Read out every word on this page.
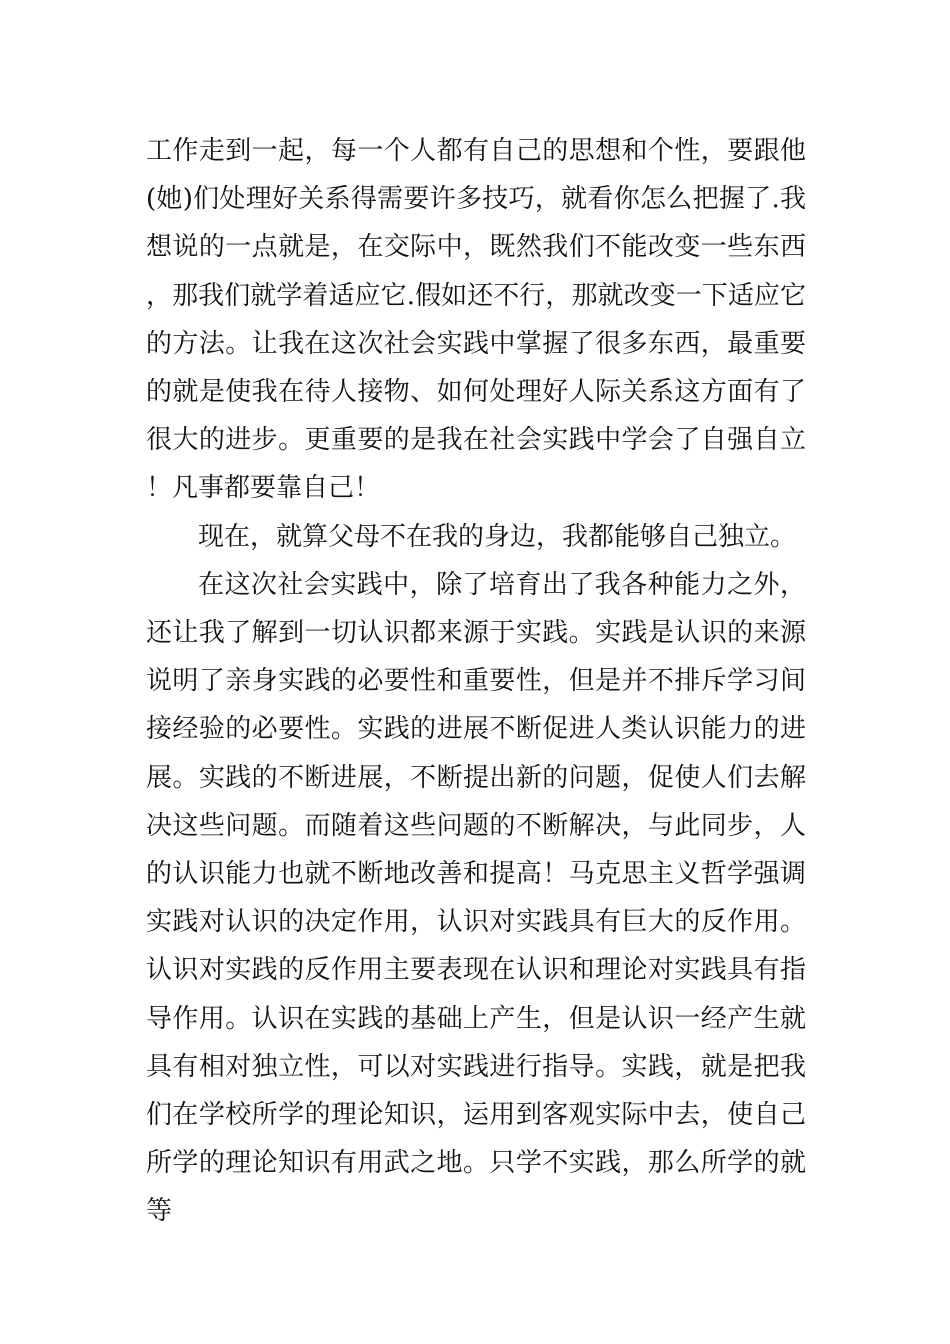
工作走到一起，每一个人都有自己的思想和个性，要跟他(她)们处理好关系得需要许多技巧，就看你怎么把握了.我想说的一点就是，在交际中，既然我们不能改变一些东西，那我们就学着适应它.假如还不行，那就改变一下适应它的方法。让我在这次社会实践中掌握了很多东西，最重要的就是使我在待人接物、如何处理好人际关系这方面有了很大的进步。更重要的是我在社会实践中学会了自强自立！凡事都要靠自己！

现在，就算父母不在我的身边，我都能够自己独立。

在这次社会实践中，除了培育出了我各种能力之外，还让我了解到一切认识都来源于实践。实践是认识的来源说明了亲身实践的必要性和重要性，但是并不排斥学习间接经验的必要性。实践的进展不断促进人类认识能力的进展。实践的不断进展，不断提出新的问题，促使人们去解决这些问题。而随着这些问题的不断解决，与此同步，人的认识能力也就不断地改善和提高！马克思主义哲学强调实践对认识的决定作用，认识对实践具有巨大的反作用。认识对实践的反作用主要表现在认识和理论对实践具有指导作用。认识在实践的基础上产生，但是认识一经产生就具有相对独立性，可以对实践进行指导。实践，就是把我们在学校所学的理论知识，运用到客观实际中去，使自己所学的理论知识有用武之地。只学不实践，那么所学的就等
